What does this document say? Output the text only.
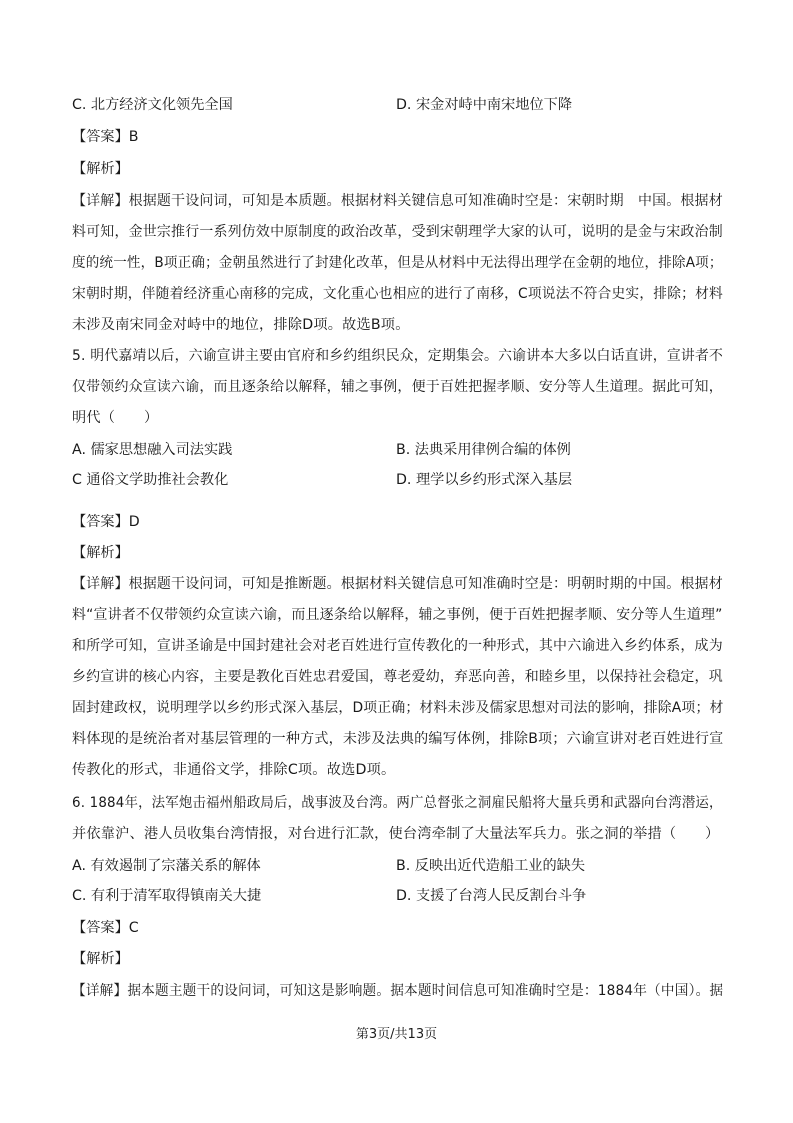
C. 北方经济文化领先全国	D. 宋金对峙中南宋地位下降
【答案】B
【解析】
【详解】根据题干设问词，可知是本质题。根据材料关键信息可知准确时空是：宋朝时期　中国。根据材
料可知，金世宗推行一系列仿效中原制度的政治改革，受到宋朝理学大家的认可，说明的是金与宋政治制
度的统一性，B项正确；金朝虽然进行了封建化改革，但是从材料中无法得出理学在金朝的地位，排除A项；
宋朝时期，伴随着经济重心南移的完成，文化重心也相应的进行了南移，C项说法不符合史实，排除；材料
未涉及南宋同金对峙中的地位，排除D项。故选B项。
5. 明代嘉靖以后，六谕宣讲主要由官府和乡约组织民众，定期集会。六谕讲本大多以白话直讲，宣讲者不
仅带领约众宣读六谕，而且逐条给以解释，辅之事例，便于百姓把握孝顺、安分等人生道理。据此可知，
明代（　　）
A. 儒家思想融入司法实践	B. 法典采用律例合编的体例
C 通俗文学助推社会教化	D. 理学以乡约形式深入基层
【答案】D
【解析】
【详解】根据题干设问词，可知是推断题。根据材料关键信息可知准确时空是：明朝时期的中国。根据材
料“宣讲者不仅带领约众宣读六谕，而且逐条给以解释，辅之事例，便于百姓把握孝顺、安分等人生道理”
和所学可知，宣讲圣谕是中国封建社会对老百姓进行宣传教化的一种形式，其中六谕进入乡约体系，成为
乡约宣讲的核心内容，主要是教化百姓忠君爱国，尊老爱幼，弃恶向善，和睦乡里，以保持社会稳定，巩
固封建政权，说明理学以乡约形式深入基层，D项正确；材料未涉及儒家思想对司法的影响，排除A项；材
料体现的是统治者对基层管理的一种方式，未涉及法典的编写体例，排除B项；六谕宣讲对老百姓进行宣
传教化的形式，非通俗文学，排除C项。故选D项。
6. 1884年，法军炮击福州船政局后，战事波及台湾。两广总督张之洞雇民船将大量兵勇和武器向台湾潜运，
并依靠沪、港人员收集台湾情报，对台进行汇款，使台湾牵制了大量法军兵力。张之洞的举措（　　）
A. 有效遏制了宗藩关系的解体	B. 反映出近代造船工业的缺失
C. 有利于清军取得镇南关大捷	D. 支援了台湾人民反割台斗争
【答案】C
【解析】
【详解】据本题主题干的设问词，可知这是影响题。据本题时间信息可知准确时空是：1884年（中国）。据
第3页/共13页
